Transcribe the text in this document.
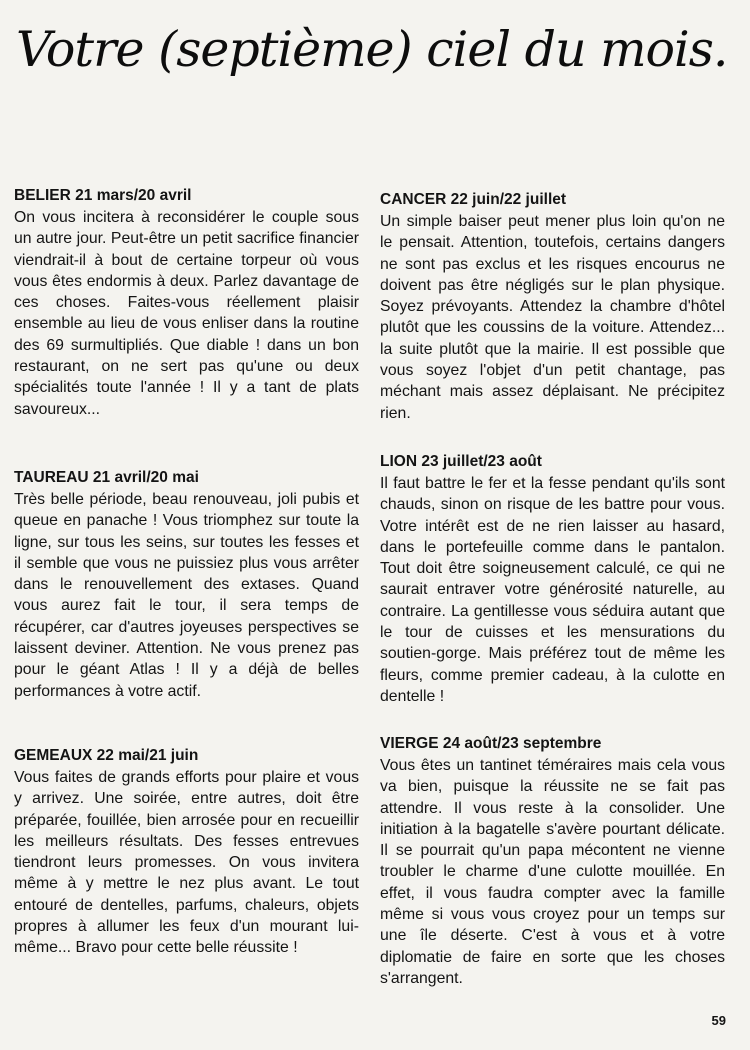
Votre (septième) ciel du mois.
BELIER 21 mars/20 avril

On vous incitera à reconsidérer le couple sous un autre jour. Peut-être un petit sacrifice financier viendrait-il à bout de certaine torpeur où vous vous êtes endormis à deux. Parlez davantage de ces choses. Faites-vous réellement plaisir ensemble au lieu de vous enliser dans la routine des 69 surmultipliés. Que diable ! dans un bon restaurant, on ne sert pas qu'une ou deux spécialités toute l'année ! Il y a tant de plats savoureux...

TAUREAU 21 avril/20 mai

Très belle période, beau renouveau, joli pubis et queue en panache ! Vous triomphez sur toute la ligne, sur tous les seins, sur toutes les fesses et il semble que vous ne puissiez plus vous arrêter dans le renouvellement des extases. Quand vous aurez fait le tour, il sera temps de récupérer, car d'autres joyeuses perspectives se laissent deviner. Attention. Ne vous prenez pas pour le géant Atlas ! Il y a déjà de belles performances à votre actif.

GEMEAUX 22 mai/21 juin

Vous faites de grands efforts pour plaire et vous y arrivez. Une soirée, entre autres, doit être préparée, fouillée, bien arrosée pour en recueillir les meilleurs résultats. Des fesses entrevues tiendront leurs promesses. On vous invitera même à y mettre le nez plus avant. Le tout entouré de dentelles, parfums, chaleurs, objets propres à allumer les feux d'un mourant lui-même... Bravo pour cette belle réussite !

CANCER 22 juin/22 juillet

Un simple baiser peut mener plus loin qu'on ne le pensait. Attention, toutefois, certains dangers ne sont pas exclus et les risques encourus ne doivent pas être négligés sur le plan physique. Soyez prévoyants. Attendez la chambre d'hôtel plutôt que les coussins de la voiture. Attendez... la suite plutôt que la mairie. Il est possible que vous soyez l'objet d'un petit chantage, pas méchant mais assez déplaisant. Ne précipitez rien.

LION 23 juillet/23 août

Il faut battre le fer et la fesse pendant qu'ils sont chauds, sinon on risque de les battre pour vous. Votre intérêt est de ne rien laisser au hasard, dans le portefeuille comme dans le pantalon. Tout doit être soigneusement calculé, ce qui ne saurait entraver votre générosité naturelle, au contraire. La gentillesse vous séduira autant que le tour de cuisses et les mensurations du soutien-gorge. Mais préférez tout de même les fleurs, comme premier cadeau, à la culotte en dentelle !

VIERGE 24 août/23 septembre

Vous êtes un tantinet téméraires mais cela vous va bien, puisque la réussite ne se fait pas attendre. Il vous reste à la consolider. Une initiation à la bagatelle s'avère pourtant délicate. Il se pourrait qu'un papa mécontent ne vienne troubler le charme d'une culotte mouillée. En effet, il vous faudra compter avec la famille même si vous vous croyez pour un temps sur une île déserte. C'est à vous et à votre diplomatie de faire en sorte que les choses s'arrangent.

59
